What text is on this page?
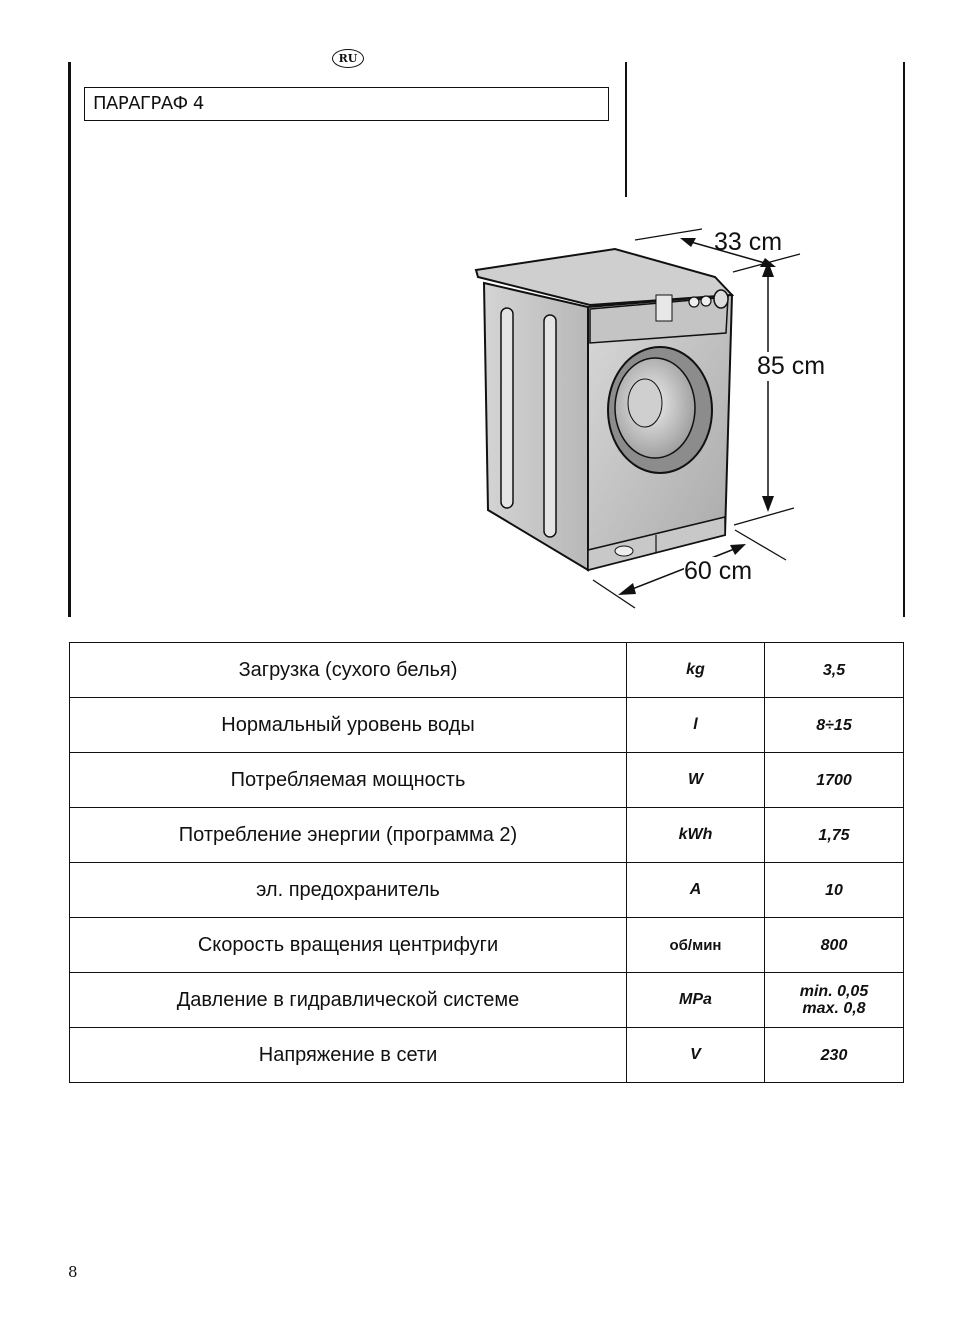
RU
ПАРАГРАФ 4
33 cm
85 cm
60 cm
Загрузка (сухого белья)	kg	3,5

Нормальный уровень воды	l	8÷15

Потребляемая мощность	W	1700

Потребление энергии (программа 2)	kWh	1,75

эл. предохранитель	A	10

Скорость вращения центрифуги	об/мин	800

Давление в гидравлической системе	MPa	min. 0,05
max. 0,8

Напряжение в сети	V	230
8
